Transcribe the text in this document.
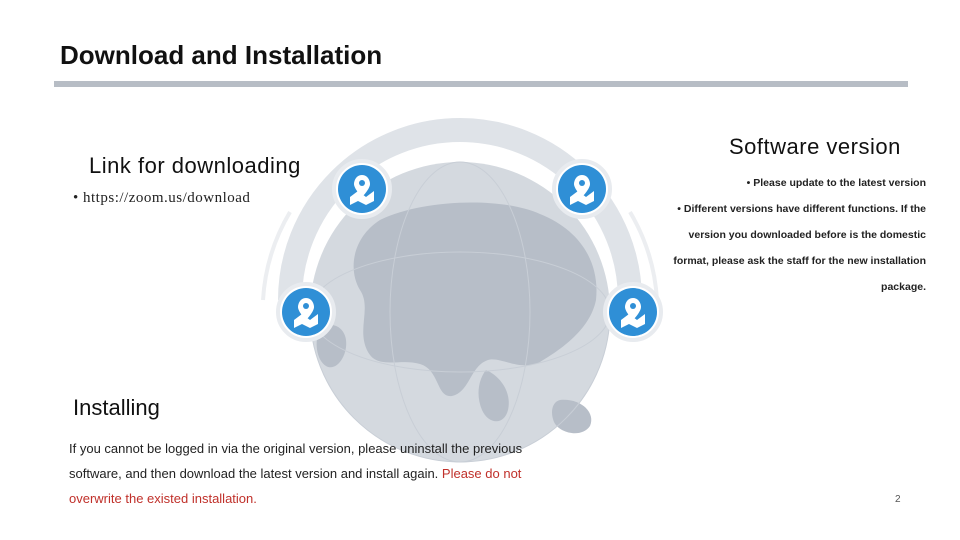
Download and Installation
Link for downloading
• https://zoom.us/download
Software version
• Please update to the latest version
• Different versions have different functions. If the
version you downloaded before is the domestic
format, please ask the staff for the new installation
package.
Installing
If you cannot be logged in via the original version, please uninstall the previous software, and then download the latest version and install again. Please do not overwrite the existed installation.	2
